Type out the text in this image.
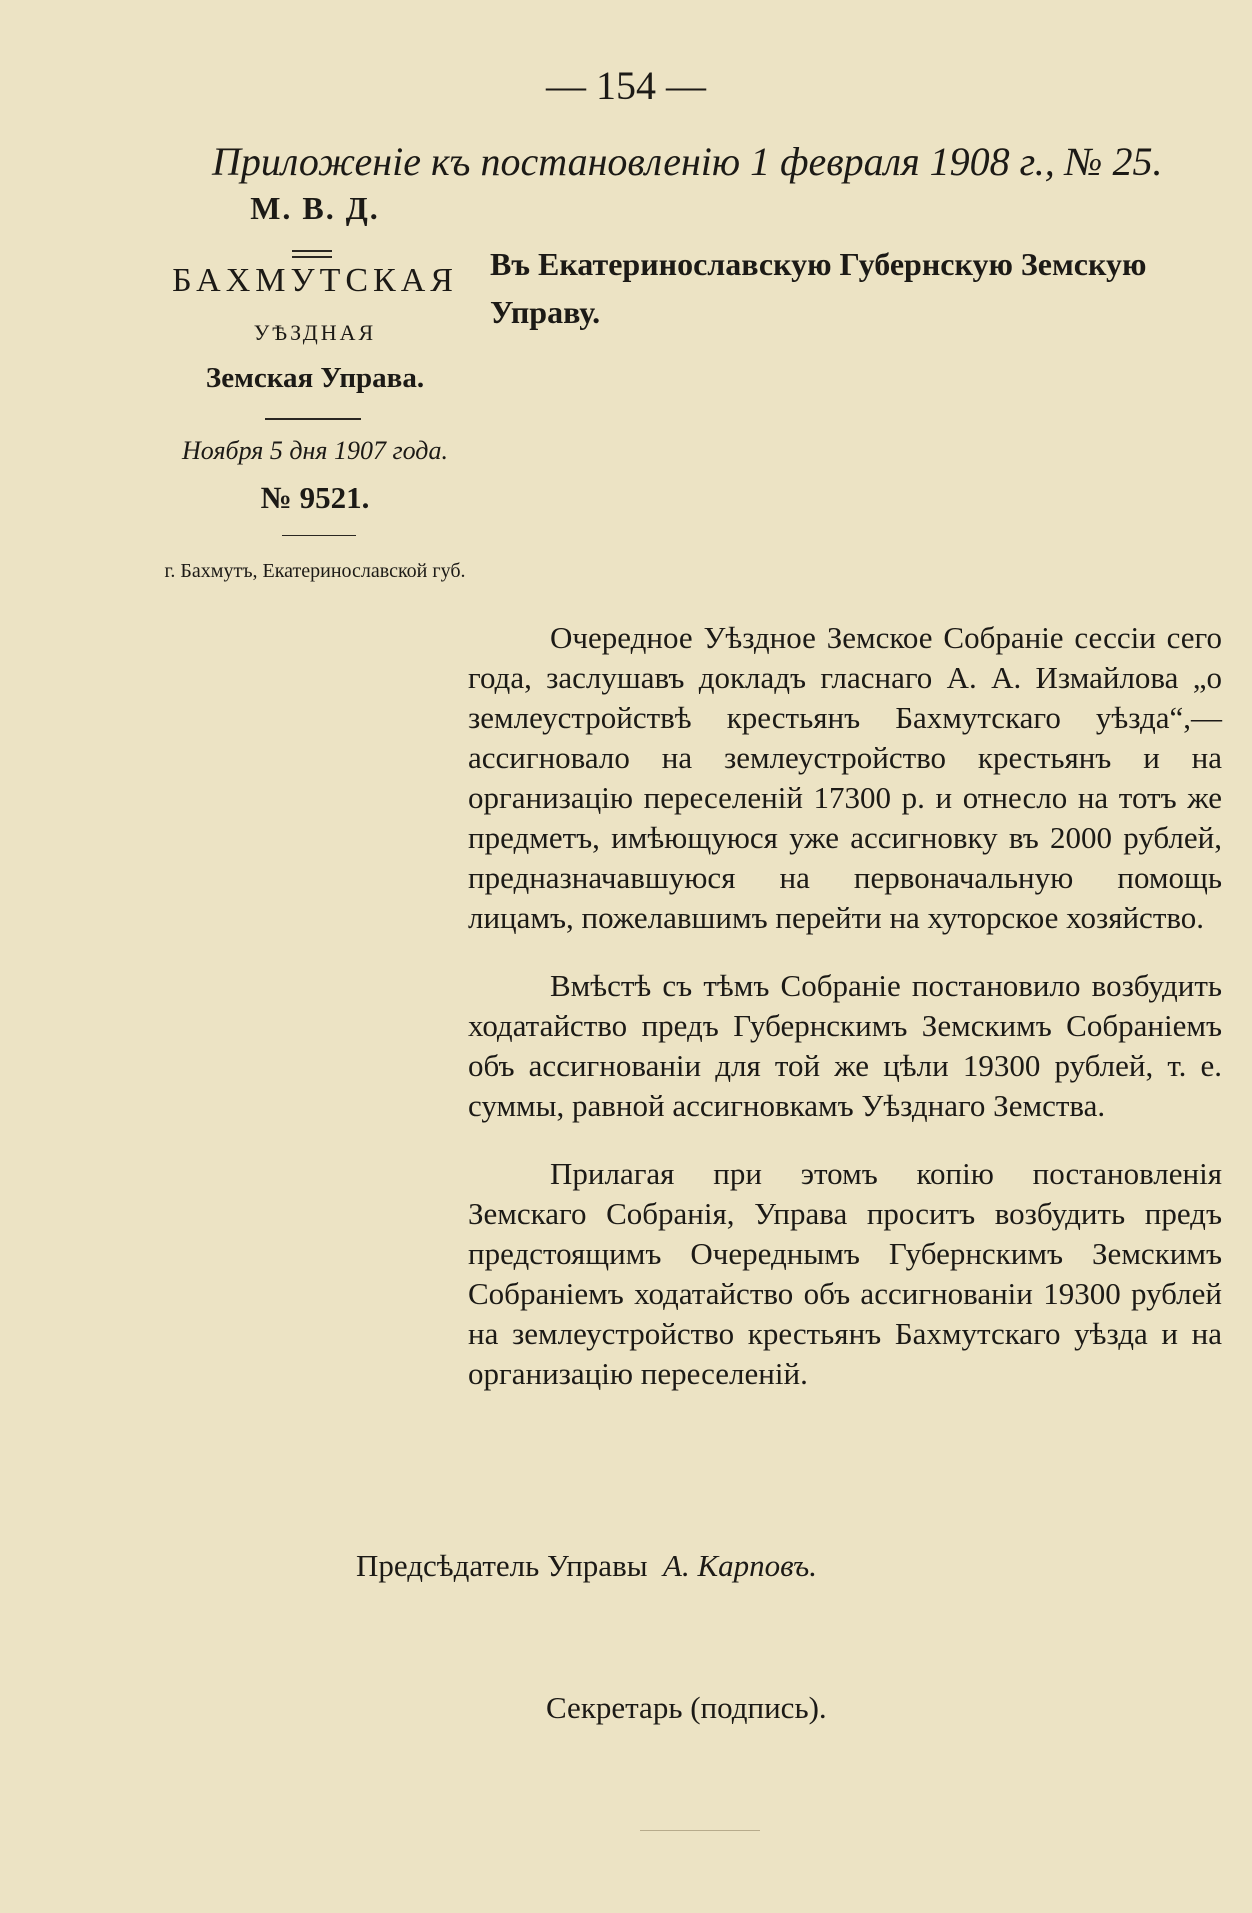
— 154 —
Приложеніе къ постановленію 1 февраля 1908 г., № 25.
М. В. Д.
БАХМУТСКАЯ
УѢЗДНАЯ
Земская Управа.
Ноября 5 дня 1907 года.
№ 9521.
г. Бахмутъ, Екатеринославской губ.
Въ Екатеринославскую Губернскую Земскую Управу.

Очередное Уѣздное Земское Собраніе сессіи сего года, заслушавъ докладъ гласнаго А. А. Измайлова „о землеустройствѣ крестьянъ Бахмутскаго уѣзда“,—ассигновало на землеустройство крестьянъ и на организацію переселеній 17300 р. и отнесло на тотъ же предметъ, имѣющуюся уже ассигновку въ 2000 рублей, предназначавшуюся на первоначальную помощь лицамъ, пожелавшимъ перейти на хуторское хозяйство.

Вмѣстѣ съ тѣмъ Собраніе постановило возбудить ходатайство предъ Губернскимъ Земскимъ Собраніемъ объ ассигнованіи для той же цѣли 19300 рублей, т. е. суммы, равной ассигновкамъ Уѣзднаго Земства.

Прилагая при этомъ копію постановленія Земскаго Собранія, Управа проситъ возбудить предъ предстоящимъ Очереднымъ Губернскимъ Земскимъ Собраніемъ ходатайство объ ассигнованіи 19300 рублей на землеустройство крестьянъ Бахмутскаго уѣзда и на организацію переселеній.

Предсѣдатель Управы А. Карповъ.
Секретарь (подпись).
